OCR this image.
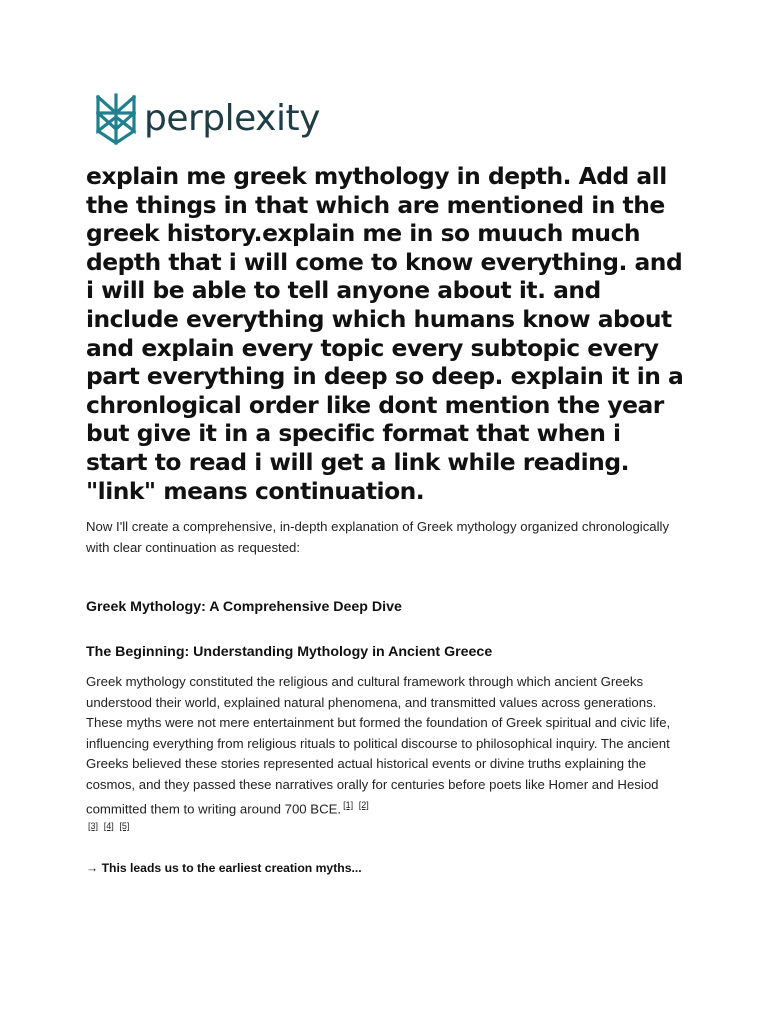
perplexity
explain me greek mythology in depth. Add all the things in that which are mentioned in the greek history.explain me in so muuch much depth that i will come to know everything. and i will be able to tell anyone about it. and include everything which humans know about and explain every topic every subtopic every part everything in deep so deep. explain it in a chronlogical order like dont mention the year but give it in a specific format that when i start to read i will get a link while reading. "link" means continuation.

Now I'll create a comprehensive, in-depth explanation of Greek mythology organized chronologically with clear continuation as requested:

Greek Mythology: A Comprehensive Deep Dive
The Beginning: Understanding Mythology in Ancient Greece

Greek mythology constituted the religious and cultural framework through which ancient Greeks understood their world, explained natural phenomena, and transmitted values across generations. These myths were not mere entertainment but formed the foundation of Greek spiritual and civic life, influencing everything from religious rituals to political discourse to philosophical inquiry. The ancient Greeks believed these stories represented actual historical events or divine truths explaining the cosmos, and they passed these narratives orally for centuries before poets like Homer and Hesiod committed them to writing around 700 BCE. [1] [2]

[3] [4] [5]
→ This leads us to the earliest creation myths...
